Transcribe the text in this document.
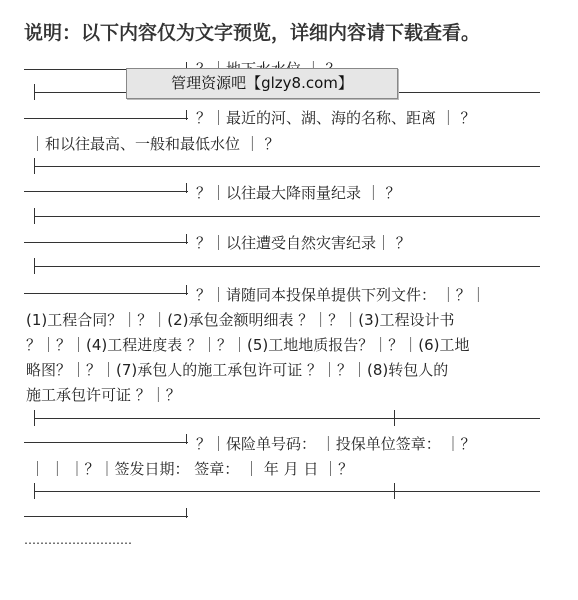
说明：以下内容仅为文字预览，详细内容请下载查看。
管理资源吧【glzy8.com】
？｜最近的河、湖、海的名称、距离 ｜ ？
｜和以往最高、一般和最低水位 ｜ ？
？｜以往最大降雨量纪录 ｜ ？
？｜以往遭受自然灾害纪录｜ ？
？｜请随同本投保单提供下列文件： ｜？｜
(1)工程合同？｜？｜(2)承包金额明细表 ？｜？｜(3)工程设计书
？｜？｜(4)工程进度表 ？｜？｜(5)工地地质报告？｜？｜(6)工地
略图？｜？｜(7)承包人的施工承包许可证 ？｜？｜(8)转包人的
施工承包许可证 ？｜？
？｜保险单号码： ｜投保单位签章： ｜？
｜ ｜ ｜？｜签发日期： 签章： ｜ 年 月 日 ｜？
………………………
